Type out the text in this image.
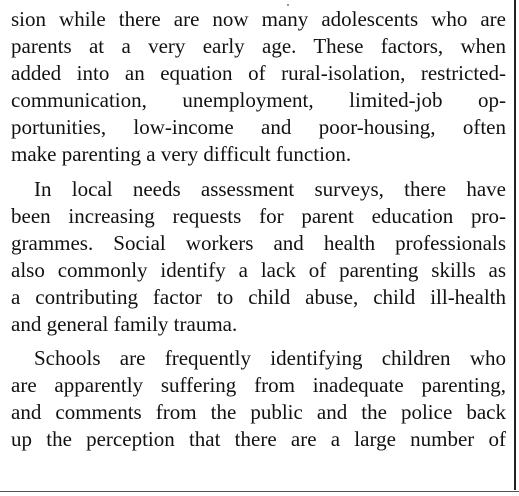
sion while there are now many adolescents who are
parents at a very early age. These factors, when
added into an equation of rural-isolation, restricted-
communication, unemployment, limited-job op-
portunities, low-income and poor-housing, often
make parenting a very difficult function.
In local needs assessment surveys, there have
been increasing requests for parent education pro-
grammes. Social workers and health professionals
also commonly identify a lack of parenting skills as
a contributing factor to child abuse, child ill-health
and general family trauma.
Schools are frequently identifying children who
are apparently suffering from inadequate parenting,
and comments from the public and the police back
up the perception that there are a large number of
